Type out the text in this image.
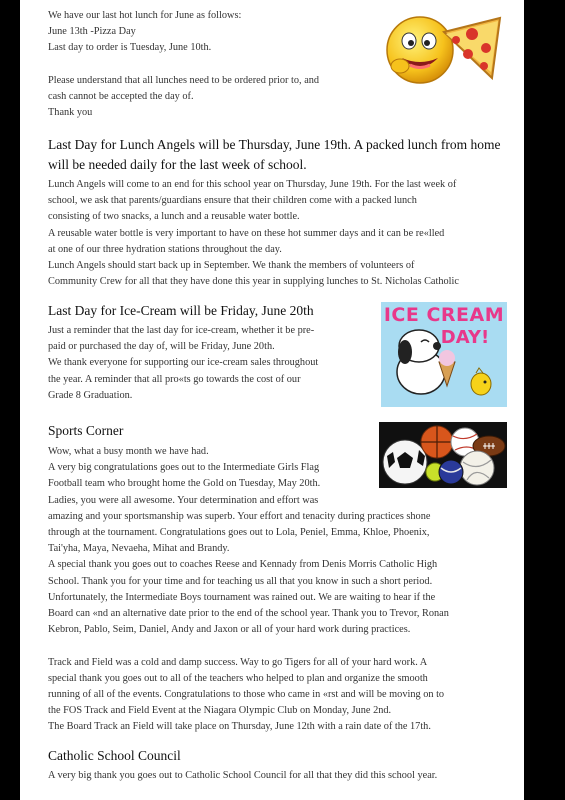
We have our last hot lunch for June as follows:
June 13th -Pizza Day
Last day to order is Tuesday, June 10th.

Please understand that all lunches need to be ordered prior to, and
cash cannot be accepted the day of.
Thank you
Last Day for Lunch Angels will be Thursday, June 19th. A packed lunch from home
will be needed daily for the last week of school.
Lunch Angels will come to an end for this school year on Thursday, June 19th. For the last week of
school, we ask that parents/guardians ensure that their children come with a packed lunch
consisting of two snacks, a lunch and a reusable water bottle.
A reusable water bottle is very important to have on these hot summer days and it can be re«lled
at one of our three hydration stations throughout the day.
Lunch Angels should start back up in September. We thank the members of volunteers of
Community Crew for all that they have done this year in supplying lunches to St. Nicholas Catholic
Last Day for Ice-Cream will be Friday, June 20th
Just a reminder that the last day for ice-cream, whether it be pre-
paid or purchased the day of, will be Friday, June 20th.
We thank everyone for supporting our ice-cream sales throughout
the year. A reminder that all pro«ts go towards the cost of our
Grade 8 Graduation.
ICE CREAM
DAY!
Sports Corner
Wow, what a busy month we have had.
A very big congratulations goes out to the Intermediate Girls Flag
Football team who brought home the Gold on Tuesday, May 20th.
Ladies, you were all awesome. Your determination and effort was
amazing and your sportsmanship was superb. Your effort and tenacity during practices shone
through at the tournament. Congratulations goes out to Lola, Peniel, Emma, Khloe, Phoenix,
Tai'yha, Maya, Nevaeha, Mihat and Brandy.
A special thank you goes out to coaches Reese and Kennady from Denis Morris Catholic High
School. Thank you for your time and for teaching us all that you know in such a short period.
Unfortunately, the Intermediate Boys tournament was rained out. We are waiting to hear if the
Board can «nd an alternative date prior to the end of the school year. Thank you to Trevor, Ronan
Kebron, Pablo, Seim, Daniel, Andy and Jaxon or all of your hard work during practices.

Track and Field was a cold and damp success. Way to go Tigers for all of your hard work. A
special thank you goes out to all of the teachers who helped to plan and organize the smooth
running of all of the events. Congratulations to those who came in «rst and will be moving on to
the FOS Track and Field Event at the Niagara Olympic Club on Monday, June 2nd.
The Board Track an Field will take place on Thursday, June 12th with a rain date of the 17th.
Catholic School Council
A very big thank you goes out to Catholic School Council for all that they did this school year.
